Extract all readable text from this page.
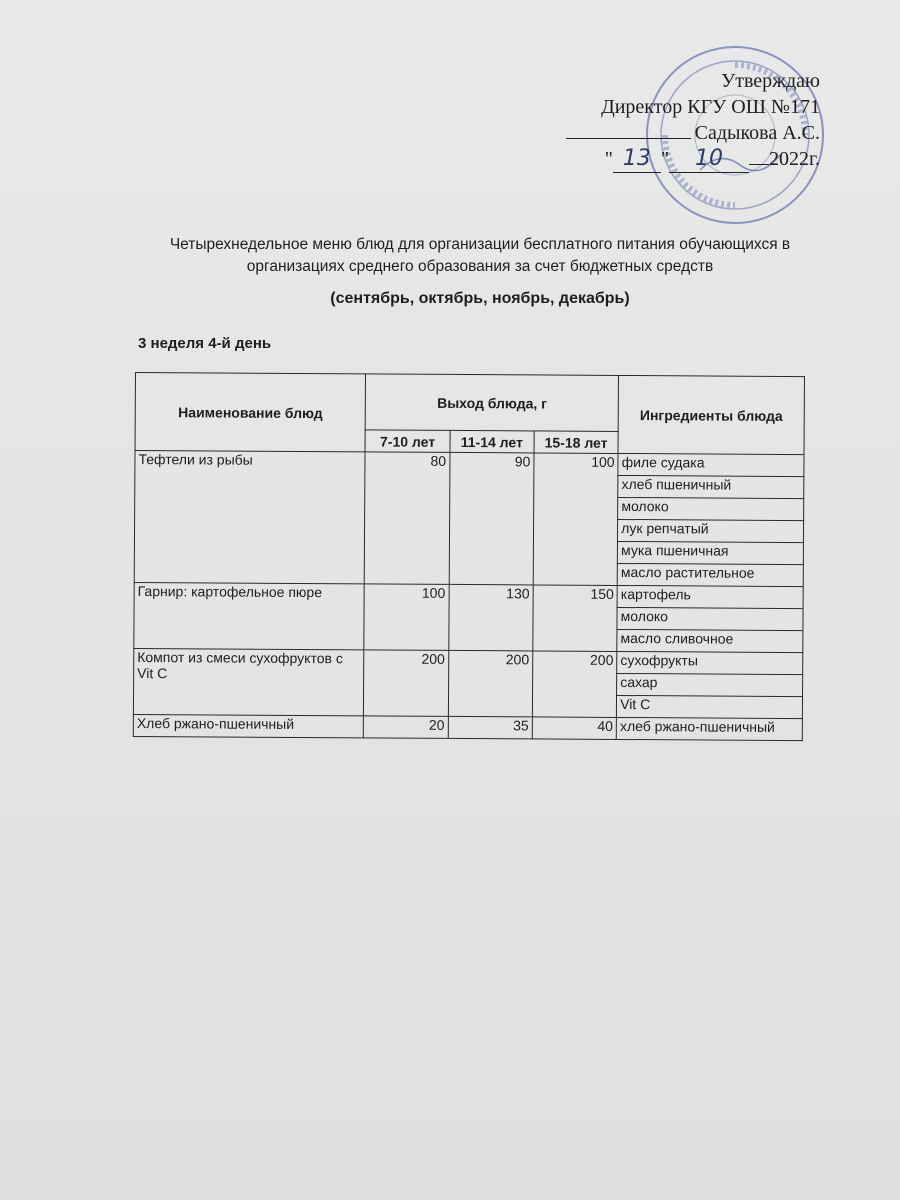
Утверждаю
Директор КГУ ОШ №171
Садыкова А.С.
" 13 " 10 2022г.
Четырехнедельное меню блюд для организации бесплатного питания обучающихся в организациях среднего образования за счет бюджетных средств
(сентябрь, октябрь, ноябрь, декабрь)
3 неделя 4-й день
Наименование блюд	Выход блюда, г			Ингредиенты блюда
	7-10 лет	11-14 лет	15-18 лет	
Тефтели из рыбы	80	90	100	филе судака
				хлеб пшеничный
				молоко
				лук репчатый
				мука пшеничная
				масло растительное
Гарнир: картофельное пюре	100	130	150	картофель
				молоко
				масло сливочное
Компот из смеси сухофруктов с Vit C	200	200	200	сухофрукты
				сахар
				Vit C
Хлеб ржано-пшеничный	20	35	40	хлеб ржано-пшеничный
